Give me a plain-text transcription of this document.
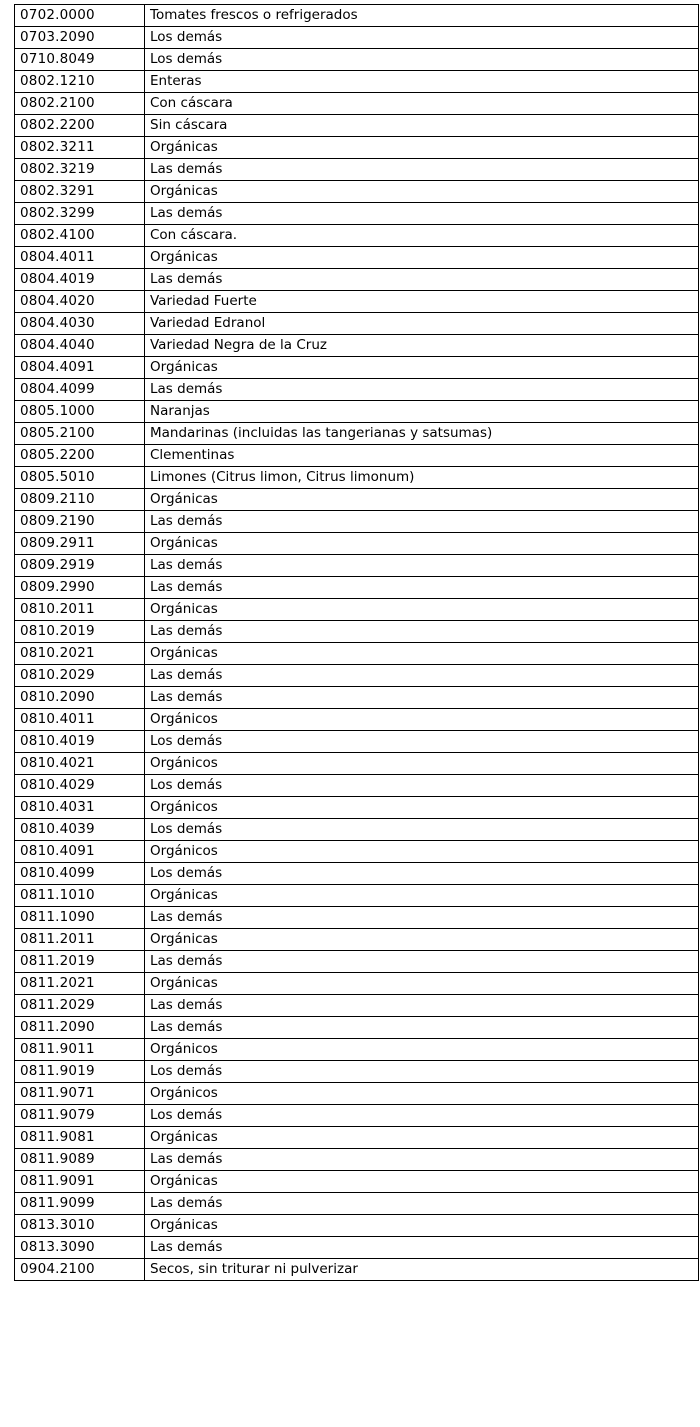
0702.0000	Tomates frescos o refrigerados
0703.2090	Los demás
0710.8049	Los demás
0802.1210	Enteras
0802.2100	Con cáscara
0802.2200	Sin cáscara
0802.3211	Orgánicas
0802.3219	Las demás
0802.3291	Orgánicas
0802.3299	Las demás
0802.4100	Con cáscara.
0804.4011	Orgánicas
0804.4019	Las demás
0804.4020	Variedad Fuerte
0804.4030	Variedad Edranol
0804.4040	Variedad Negra de la Cruz
0804.4091	Orgánicas
0804.4099	Las demás
0805.1000	Naranjas
0805.2100	Mandarinas (incluidas las tangerianas y satsumas)
0805.2200	Clementinas
0805.5010	Limones (Citrus limon, Citrus limonum)
0809.2110	Orgánicas
0809.2190	Las demás
0809.2911	Orgánicas
0809.2919	Las demás
0809.2990	Las demás
0810.2011	Orgánicas
0810.2019	Las demás
0810.2021	Orgánicas
0810.2029	Las demás
0810.2090	Las demás
0810.4011	Orgánicos
0810.4019	Los demás
0810.4021	Orgánicos
0810.4029	Los demás
0810.4031	Orgánicos
0810.4039	Los demás
0810.4091	Orgánicos
0810.4099	Los demás
0811.1010	Orgánicas
0811.1090	Las demás
0811.2011	Orgánicas
0811.2019	Las demás
0811.2021	Orgánicas
0811.2029	Las demás
0811.2090	Las demás
0811.9011	Orgánicos
0811.9019	Los demás
0811.9071	Orgánicos
0811.9079	Los demás
0811.9081	Orgánicas
0811.9089	Las demás
0811.9091	Orgánicas
0811.9099	Las demás
0813.3010	Orgánicas
0813.3090	Las demás
0904.2100	Secos, sin triturar ni pulverizar
